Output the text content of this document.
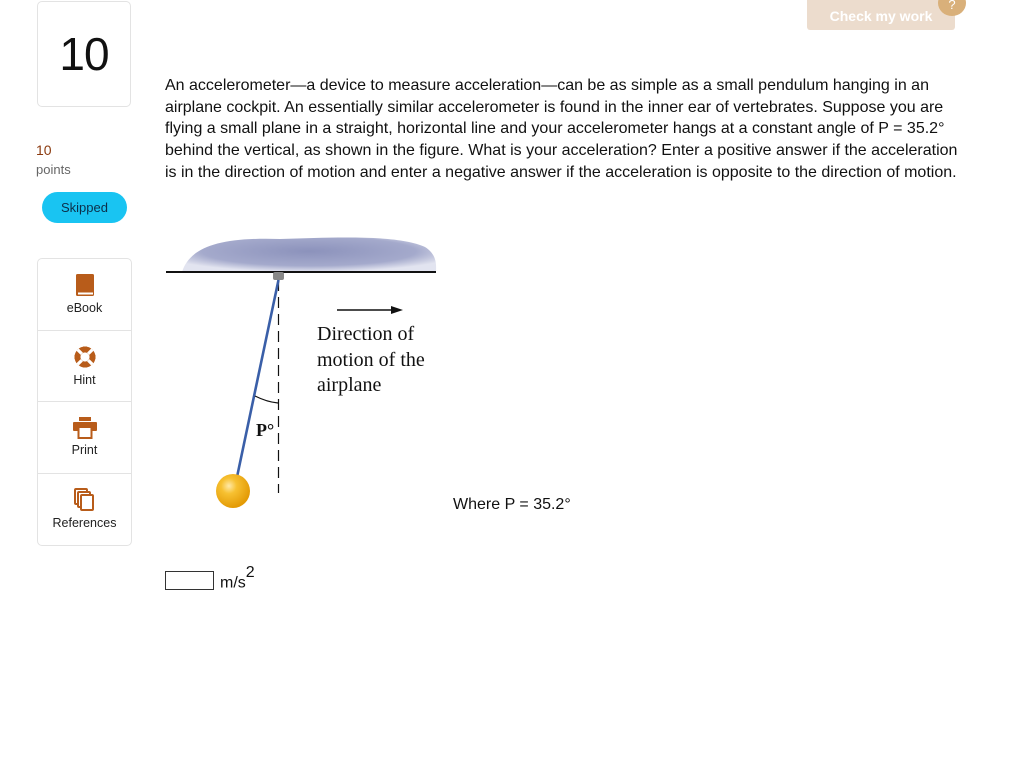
Check my work
?
10
10
points
Skipped
eBook
Hint
Print
References

An accelerometer—a device to measure acceleration—can be as simple as a small pendulum hanging in an airplane cockpit. An essentially similar accelerometer is found in the inner ear of vertebrates. Suppose you are flying a small plane in a straight, horizontal line and your accelerometer hangs at a constant angle of P = 35.2° behind the vertical, as shown in the figure. What is your acceleration? Enter a positive answer if the acceleration is in the direction of motion and enter a negative answer if the acceleration is opposite to the direction of motion.

Direction of
motion of the
airplane
P°
Where P = 35.2°
$m/s^2$
